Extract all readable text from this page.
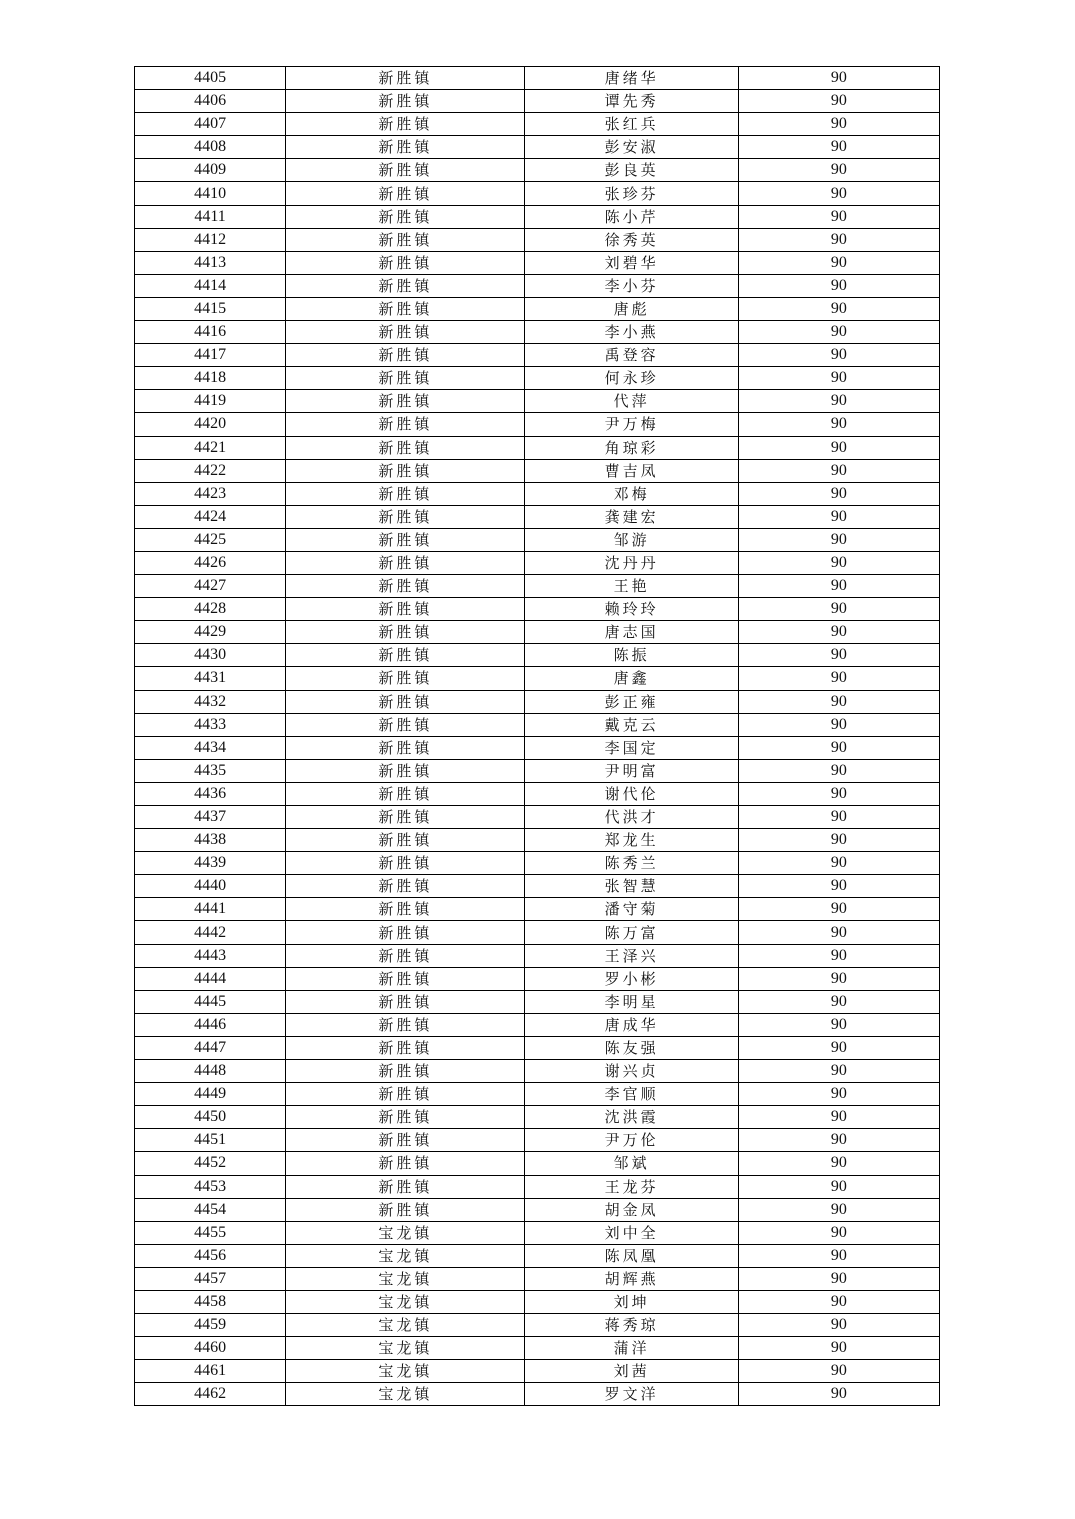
4405	新胜镇	唐绪华	90
4406	新胜镇	谭先秀	90
4407	新胜镇	张红兵	90
4408	新胜镇	彭安淑	90
4409	新胜镇	彭良英	90
4410	新胜镇	张珍芬	90
4411	新胜镇	陈小芹	90
4412	新胜镇	徐秀英	90
4413	新胜镇	刘碧华	90
4414	新胜镇	李小芬	90
4415	新胜镇	唐彪	90
4416	新胜镇	李小燕	90
4417	新胜镇	禹登容	90
4418	新胜镇	何永珍	90
4419	新胜镇	代萍	90
4420	新胜镇	尹万梅	90
4421	新胜镇	角琼彩	90
4422	新胜镇	曹吉凤	90
4423	新胜镇	邓梅	90
4424	新胜镇	龚建宏	90
4425	新胜镇	邹游	90
4426	新胜镇	沈丹丹	90
4427	新胜镇	王艳	90
4428	新胜镇	赖玲玲	90
4429	新胜镇	唐志国	90
4430	新胜镇	陈振	90
4431	新胜镇	唐鑫	90
4432	新胜镇	彭正雍	90
4433	新胜镇	戴克云	90
4434	新胜镇	李国定	90
4435	新胜镇	尹明富	90
4436	新胜镇	谢代伦	90
4437	新胜镇	代洪才	90
4438	新胜镇	郑龙生	90
4439	新胜镇	陈秀兰	90
4440	新胜镇	张智慧	90
4441	新胜镇	潘守菊	90
4442	新胜镇	陈万富	90
4443	新胜镇	王泽兴	90
4444	新胜镇	罗小彬	90
4445	新胜镇	李明星	90
4446	新胜镇	唐成华	90
4447	新胜镇	陈友强	90
4448	新胜镇	谢兴贞	90
4449	新胜镇	李官顺	90
4450	新胜镇	沈洪霞	90
4451	新胜镇	尹万伦	90
4452	新胜镇	邹斌	90
4453	新胜镇	王龙芬	90
4454	新胜镇	胡金凤	90
4455	宝龙镇	刘中全	90
4456	宝龙镇	陈凤凰	90
4457	宝龙镇	胡辉燕	90
4458	宝龙镇	刘坤	90
4459	宝龙镇	蒋秀琼	90
4460	宝龙镇	蒲洋	90
4461	宝龙镇	刘茜	90
4462	宝龙镇	罗文洋	90
